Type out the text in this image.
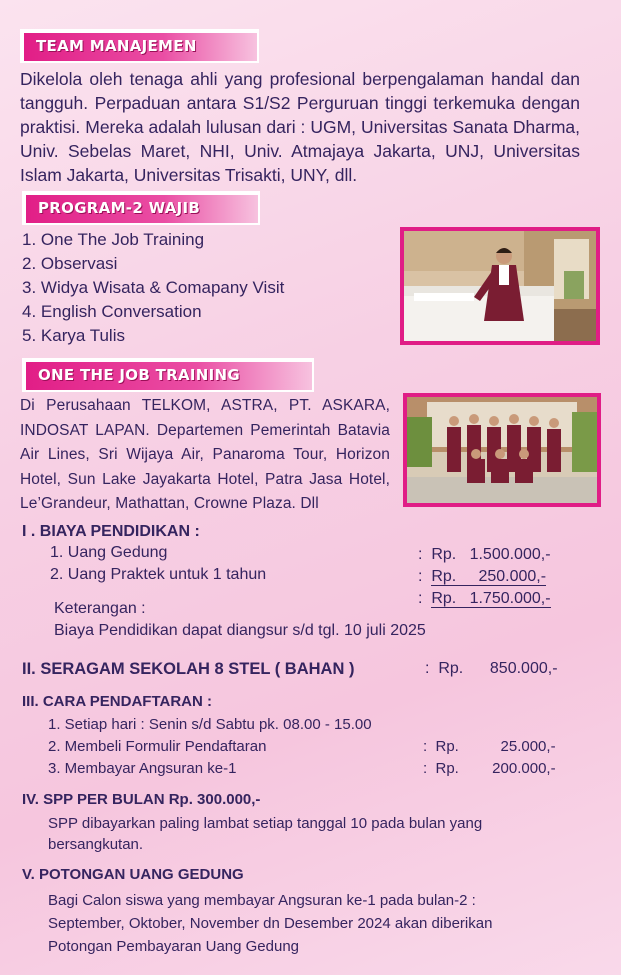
TEAM MANAJEMEN

Dikelola oleh tenaga ahli yang profesional berpengalaman handal dan tangguh. Perpaduan antara S1/S2 Perguruan tinggi terkemuka dengan praktisi. Mereka adalah lulusan dari : UGM, Universitas Sanata Dharma, Univ. Sebelas Maret, NHI, Univ. Atmajaya Jakarta, UNJ, Universitas Islam Jakarta, Universitas Trisakti, UNY, dll.

PROGRAM-2 WAJIB
1. One The Job Training
2. Observasi
3. Widya Wisata & Comapany Visit
4. English Conversation
5. Karya Tulis
ONE THE JOB TRAINING

Di Perusahaan TELKOM, ASTRA, PT. ASKARA, INDOSAT LAPAN. Departemen Pemerintah Batavia Air Lines, Sri Wijaya Air, Panaroma Tour, Horizon Hotel, Sun Lake Jayakarta Hotel, Patra Jasa Hotel, Le’Grandeur, Mathattan, Crowne Plaza. Dll

I . BIAYA PENDIDIKAN :
1. Uang Gedung	:  Rp.   1.500.000,-
2. Uang Praktek untuk 1 tahun	:  Rp.     250.000,-
:  Rp.   1.750.000,-
Keterangan :
Biaya Pendidikan dapat diangsur s/d tgl. 10 juli 2025
II. SERAGAM SEKOLAH 8 STEL ( BAHAN )	:  Rp.      850.000,-
III. CARA PENDAFTARAN :
1. Setiap hari : Senin s/d Sabtu pk. 08.00 - 15.00
2. Membeli Formulir Pendaftaran	:  Rp.          25.000,-
3. Membayar Angsuran ke-1	:  Rp.        200.000,-
IV. SPP PER BULAN Rp. 300.000,-

SPP dibayarkan paling lambat setiap tanggal 10 pada bulan yang bersangkutan.

V. POTONGAN UANG GEDUNG

Bagi Calon siswa yang membayar Angsuran ke-1 pada bulan-2 : September, Oktober, November dn Desember 2024 akan diberikan Potongan Pembayaran Uang Gedung
